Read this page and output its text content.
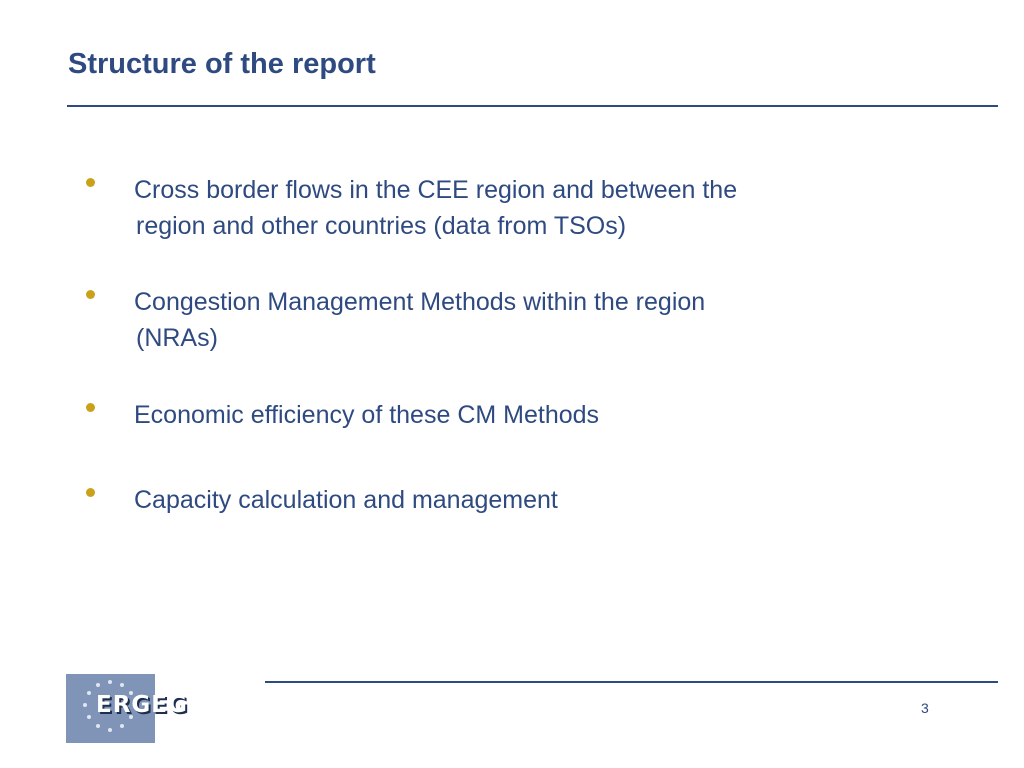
Structure of the report

Cross border flows in the CEE region and between the
region and other countries (data from TSOs)

Congestion Management Methods within the region
(NRAs)

Economic efficiency of these CM Methods

Capacity calculation and management

ERGEG	3
